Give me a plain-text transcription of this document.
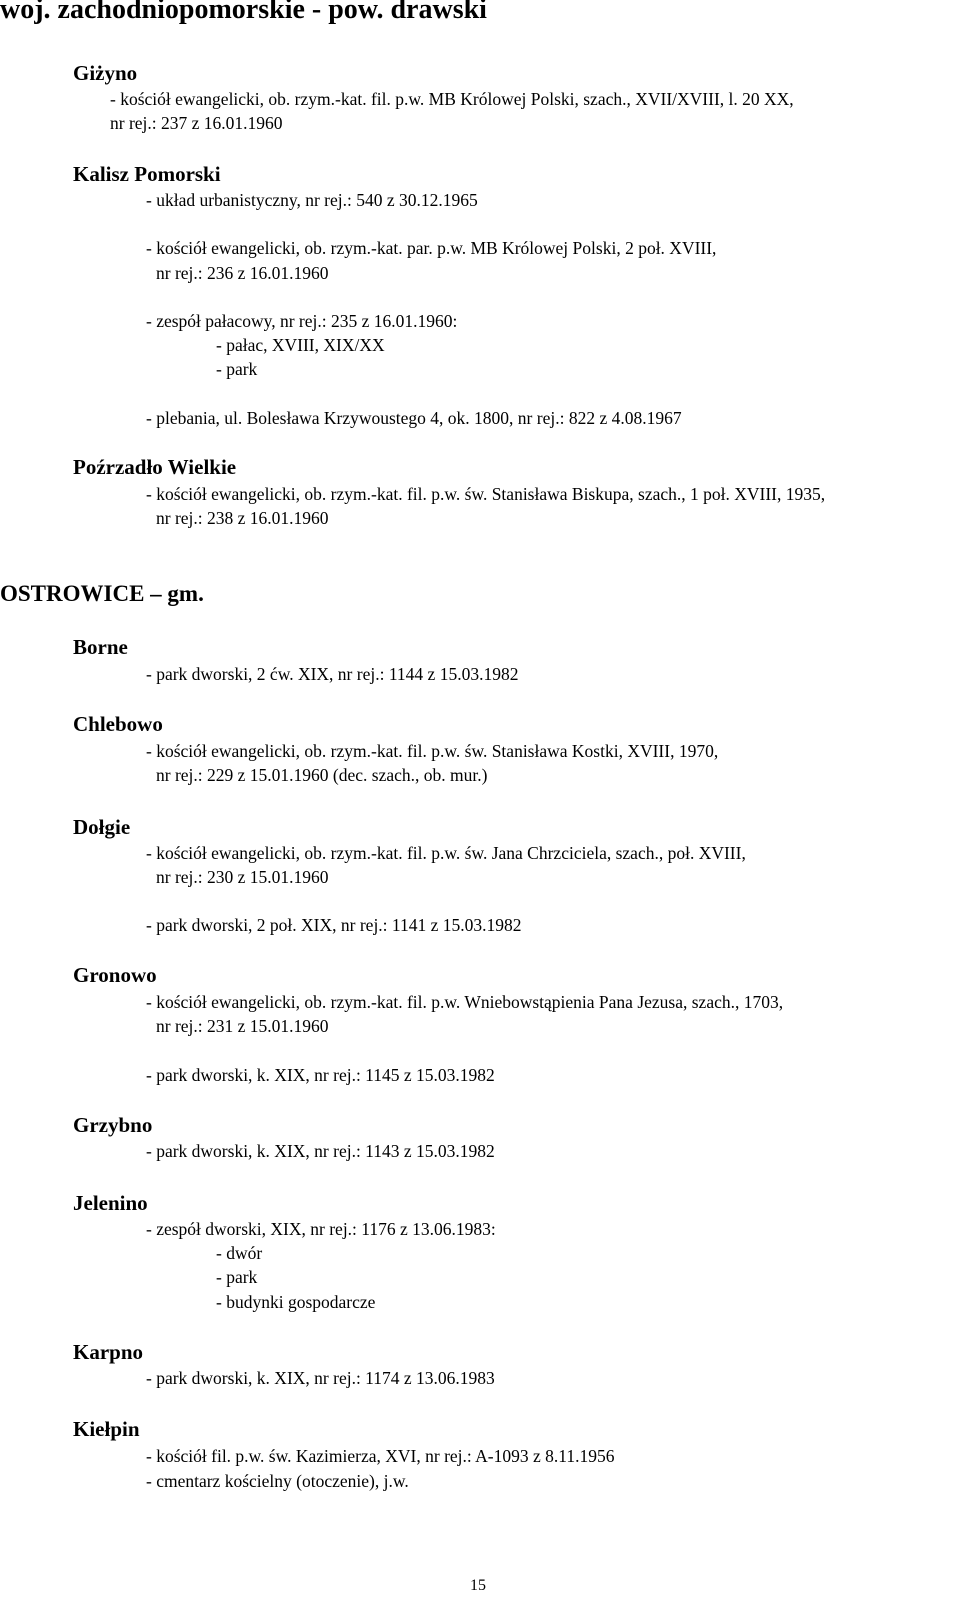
woj. zachodniopomorskie - pow. drawski
Giżyno

- kościół ewangelicki, ob. rzym.-kat. fil. p.w. MB Królowej Polski, szach., XVII/XVIII, l. 20 XX,

nr rej.: 237 z 16.01.1960

Kalisz Pomorski

- układ urbanistyczny, nr rej.: 540 z 30.12.1965

- kościół ewangelicki, ob. rzym.-kat. par. p.w. MB Królowej Polski, 2 poł. XVIII,

nr rej.: 236 z 16.01.1960

- zespół pałacowy, nr rej.: 235 z 16.01.1960:

- pałac, XVIII, XIX/XX

- park

- plebania, ul. Bolesława Krzywoustego 4, ok. 1800, nr rej.: 822 z 4.08.1967

Poźrzadło Wielkie

- kościół ewangelicki, ob. rzym.-kat. fil. p.w. św. Stanisława Biskupa, szach., 1 poł. XVIII, 1935,

nr rej.: 238 z 16.01.1960

OSTROWICE – gm.
Borne

- park dworski, 2 ćw. XIX, nr rej.: 1144 z 15.03.1982

Chlebowo

- kościół ewangelicki, ob. rzym.-kat. fil. p.w. św. Stanisława Kostki, XVIII, 1970,

nr rej.: 229 z 15.01.1960 (dec. szach., ob. mur.)

Dołgie

- kościół ewangelicki, ob. rzym.-kat. fil. p.w. św. Jana Chrzciciela, szach., poł. XVIII,

nr rej.: 230 z 15.01.1960

- park dworski, 2 poł. XIX, nr rej.: 1141 z 15.03.1982

Gronowo

- kościół ewangelicki, ob. rzym.-kat. fil. p.w. Wniebowstąpienia Pana Jezusa, szach., 1703,

nr rej.: 231 z 15.01.1960

- park dworski, k. XIX, nr rej.: 1145 z 15.03.1982

Grzybno

- park dworski, k. XIX, nr rej.: 1143 z 15.03.1982

Jelenino

- zespół dworski, XIX, nr rej.: 1176 z 13.06.1983:

- dwór

- park

- budynki gospodarcze

Karpno

- park dworski, k. XIX, nr rej.: 1174 z 13.06.1983

Kiełpin

- kościół fil. p.w. św. Kazimierza, XVI, nr rej.: A-1093 z 8.11.1956

- cmentarz kościelny (otoczenie), j.w.

15
